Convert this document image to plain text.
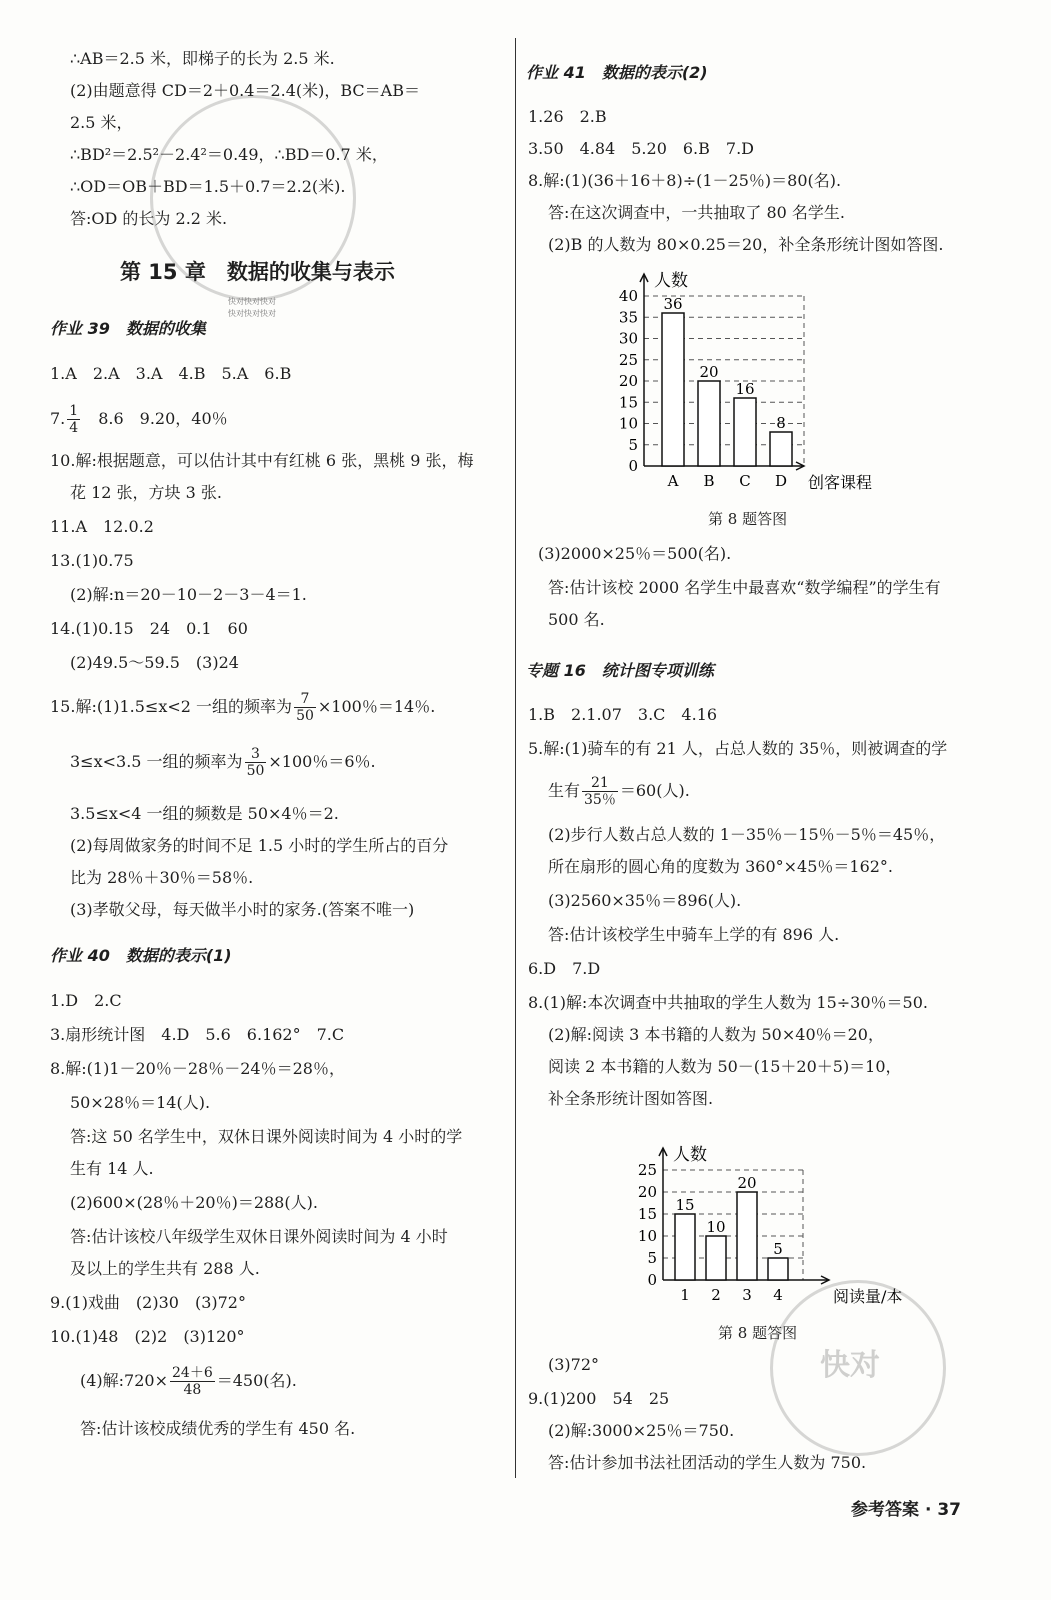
快对
∴AB＝2.5 米，即梯子的长为 2.5 米.
(2)由题意得 CD＝2＋0.4＝2.4(米)，BC＝AB＝
2.5 米，
∴BD²＝2.5²－2.4²＝0.49，∴BD＝0.7 米，
∴OD＝OB＋BD＝1.5＋0.7＝2.2(米).
答:OD 的长为 2.2 米.
第 15 章　数据的收集与表示
快对快对快对
快对快对快对
作业 39　数据的收集
1.A　2.A　3.A　4.B　5.A　6.B
7. $\frac{1}{4}$ 　8.6　9.20，40％
10.解:根据题意，可以估计其中有红桃 6 张，黑桃 9 张，梅
花 12 张，方块 3 张.
11.A　12.0.2
13.(1)0.75
(2)解:n＝20－10－2－3－4＝1.
14.(1)0.15　24　0.1　60
(2)49.5～59.5　(3)24
15.解:(1)1.5≤x<2 一组的频率为 $\frac{7}{50} \times 100$％＝14％.
3≤x<3.5 一组的频率为 $\frac{3}{50} \times 100$％＝6％.
3.5≤x<4 一组的频数是 50×4％＝2.
(2)每周做家务的时间不足 1.5 小时的学生所占的百分
比为 28％＋30％＝58％.
(3)孝敬父母，每天做半小时的家务.(答案不唯一)
作业 40　数据的表示(1)
1.D　2.C
3.扇形统计图　4.D　5.6　6.162°　7.C
8.解:(1)1－20％－28％－24％＝28％，
50×28％＝14(人).
答:这 50 名学生中，双休日课外阅读时间为 4 小时的学
生有 14 人.
(2)600×(28％＋20％)＝288(人).
答:估计该校八年级学生双休日课外阅读时间为 4 小时
及以上的学生共有 288 人.
9.(1)戏曲　(2)30　(3)72°
10.(1)48　(2)2　(3)120°
(4)解:720× $\frac{24+6}{48} =450$(名).
答:估计该校成绩优秀的学生有 450 名.
作业 41　数据的表示(2)
1.26　2.B
3.50　4.84　5.20　6.B　7.D
8.解:(1)(36＋16＋8)÷(1－25％)＝80(名).
答:在这次调查中，一共抽取了 80 名学生.
(2)B 的人数为 80×0.25＝20，补全条形统计图如答图.
0
5
10
15
20
25
30
35
40
人数
创客课程
36
A
20
B
16
C
8
D
第 8 题答图
(3)2000×25％＝500(名).
答:估计该校 2000 名学生中最喜欢“数学编程”的学生有
500 名.
专题 16　统计图专项训练
1.B　2.1.07　3.C　4.16
5.解:(1)骑车的有 21 人，占总人数的 35％，则被调查的学
生有 $\frac{21}{35\%} =60$(人).
(2)步行人数占总人数的 1－35％－15％－5％＝45％，
所在扇形的圆心角的度数为 360°×45％＝162°.
(3)2560×35％＝896(人).
答:估计该校学生中骑车上学的有 896 人.
6.D　7.D
8.(1)解:本次调查中共抽取的学生人数为 15÷30％＝50.
(2)解:阅读 3 本书籍的人数为 50×40％＝20，
阅读 2 本书籍的人数为 50－(15＋20＋5)＝10，
补全条形统计图如答图.
0
5
10
15
20
25
人数
阅读量/本
15
1
10
2
20
3
5
4
第 8 题答图
(3)72°
9.(1)200　54　25
(2)解:3000×25％＝750.
答:估计参加书法社团活动的学生人数为 750.
参考答案 · 37
